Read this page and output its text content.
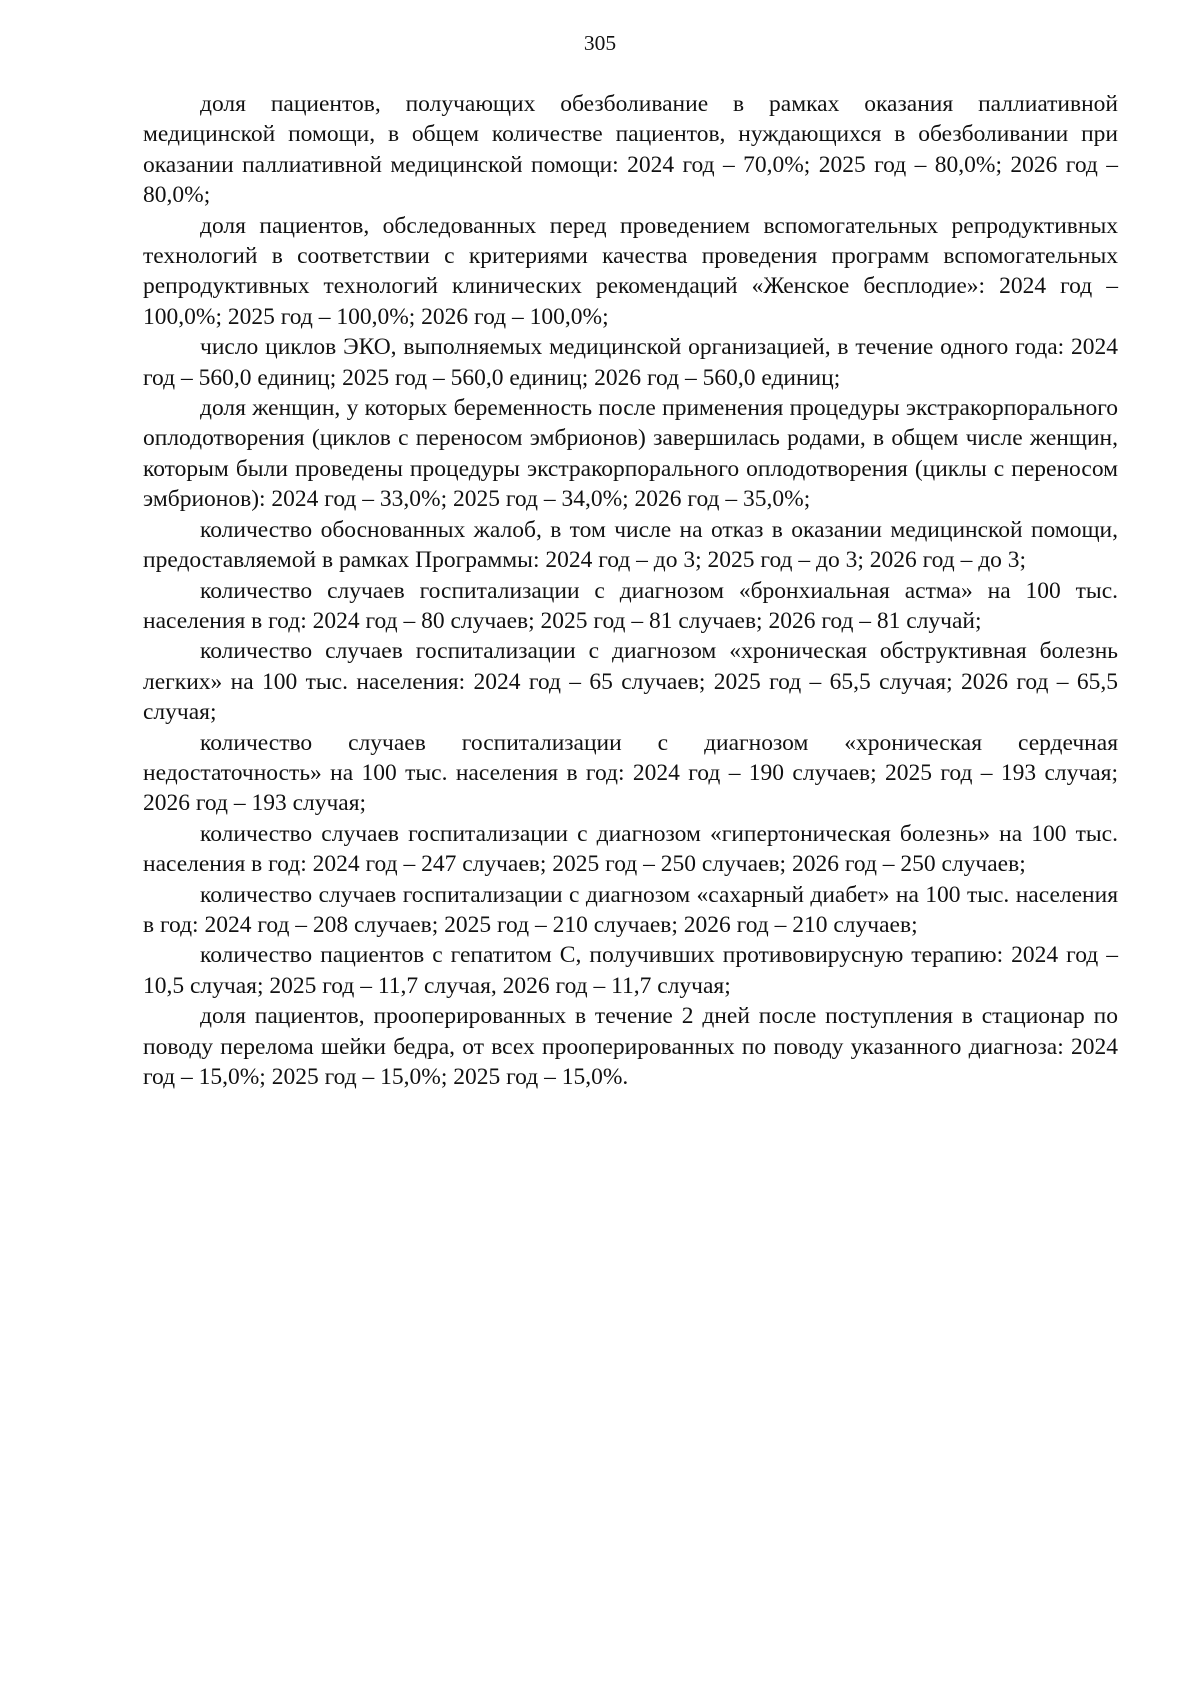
305

доля пациентов, получающих обезболивание в рамках оказания паллиативной медицинской помощи, в общем количестве пациентов, нуждающихся в обезболивании при оказании паллиативной медицинской помощи: 2024 год – 70,0%; 2025 год – 80,0%; 2026 год – 80,0%;

доля пациентов, обследованных перед проведением вспомогательных репродуктивных технологий в соответствии с критериями качества проведения программ вспомогательных репродуктивных технологий клинических рекомендаций «Женское бесплодие»: 2024 год – 100,0%; 2025 год – 100,0%; 2026 год – 100,0%;

число циклов ЭКО, выполняемых медицинской организацией, в течение одного года: 2024 год – 560,0 единиц; 2025 год – 560,0 единиц; 2026 год – 560,0 единиц;

доля женщин, у которых беременность после применения процедуры экстракорпорального оплодотворения (циклов с переносом эмбрионов) завершилась родами, в общем числе женщин, которым были проведены процедуры экстракорпорального оплодотворения (циклы с переносом эмбрионов): 2024 год – 33,0%; 2025 год – 34,0%; 2026 год – 35,0%;

количество обоснованных жалоб, в том числе на отказ в оказании медицинской помощи, предоставляемой в рамках Программы: 2024 год – до 3; 2025 год – до 3; 2026 год – до 3;

количество случаев госпитализации с диагнозом «бронхиальная астма» на 100 тыс. населения в год: 2024 год – 80 случаев; 2025 год – 81 случаев; 2026 год – 81 случай;

количество случаев госпитализации с диагнозом «хроническая обструктивная болезнь легких» на 100 тыс. населения: 2024 год – 65 случаев; 2025 год – 65,5 случая; 2026 год – 65,5 случая;

количество случаев госпитализации с диагнозом «хроническая сердечная недостаточность» на 100 тыс. населения в год: 2024 год – 190 случаев; 2025 год – 193 случая; 2026 год – 193 случая;

количество случаев госпитализации с диагнозом «гипертоническая болезнь» на 100 тыс. населения в год: 2024 год – 247 случаев; 2025 год – 250 случаев; 2026 год – 250 случаев;

количество случаев госпитализации с диагнозом «сахарный диабет» на 100 тыс. населения в год: 2024 год – 208 случаев; 2025 год – 210 случаев; 2026 год – 210 случаев;

количество пациентов с гепатитом С, получивших противовирусную терапию: 2024 год – 10,5 случая; 2025 год – 11,7 случая, 2026 год – 11,7 случая;

доля пациентов, прооперированных в течение 2 дней после поступления в стационар по поводу перелома шейки бедра, от всех прооперированных по поводу указанного диагноза: 2024 год – 15,0%; 2025 год – 15,0%; 2025 год – 15,0%.
